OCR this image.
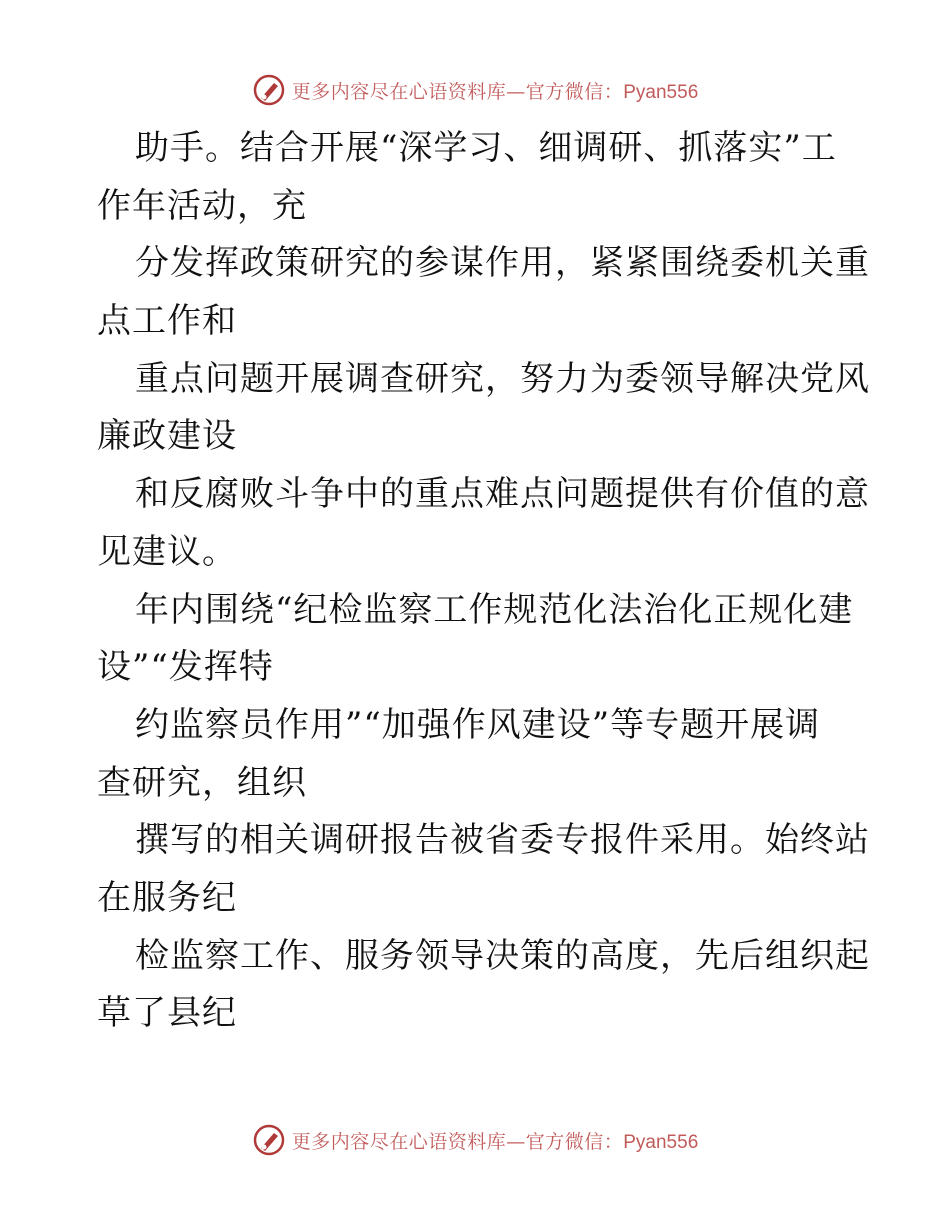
更多内容尽在心语资料库—官方微信：Pyan556
助手。结合开展“深学习、细调研、抓落实”工
作年活动，充
分发挥政策研究的参谋作用，紧紧围绕委机关重
点工作和
重点问题开展调查研究，努力为委领导解决党风
廉政建设
和反腐败斗争中的重点难点问题提供有价值的意
见建议。
年内围绕“纪检监察工作规范化法治化正规化建
设”“发挥特
约监察员作用”“加强作风建设”等专题开展调
查研究，组织
撰写的相关调研报告被省委专报件采用。始终站
在服务纪
检监察工作、服务领导决策的高度，先后组织起
草了县纪
更多内容尽在心语资料库—官方微信：Pyan556
